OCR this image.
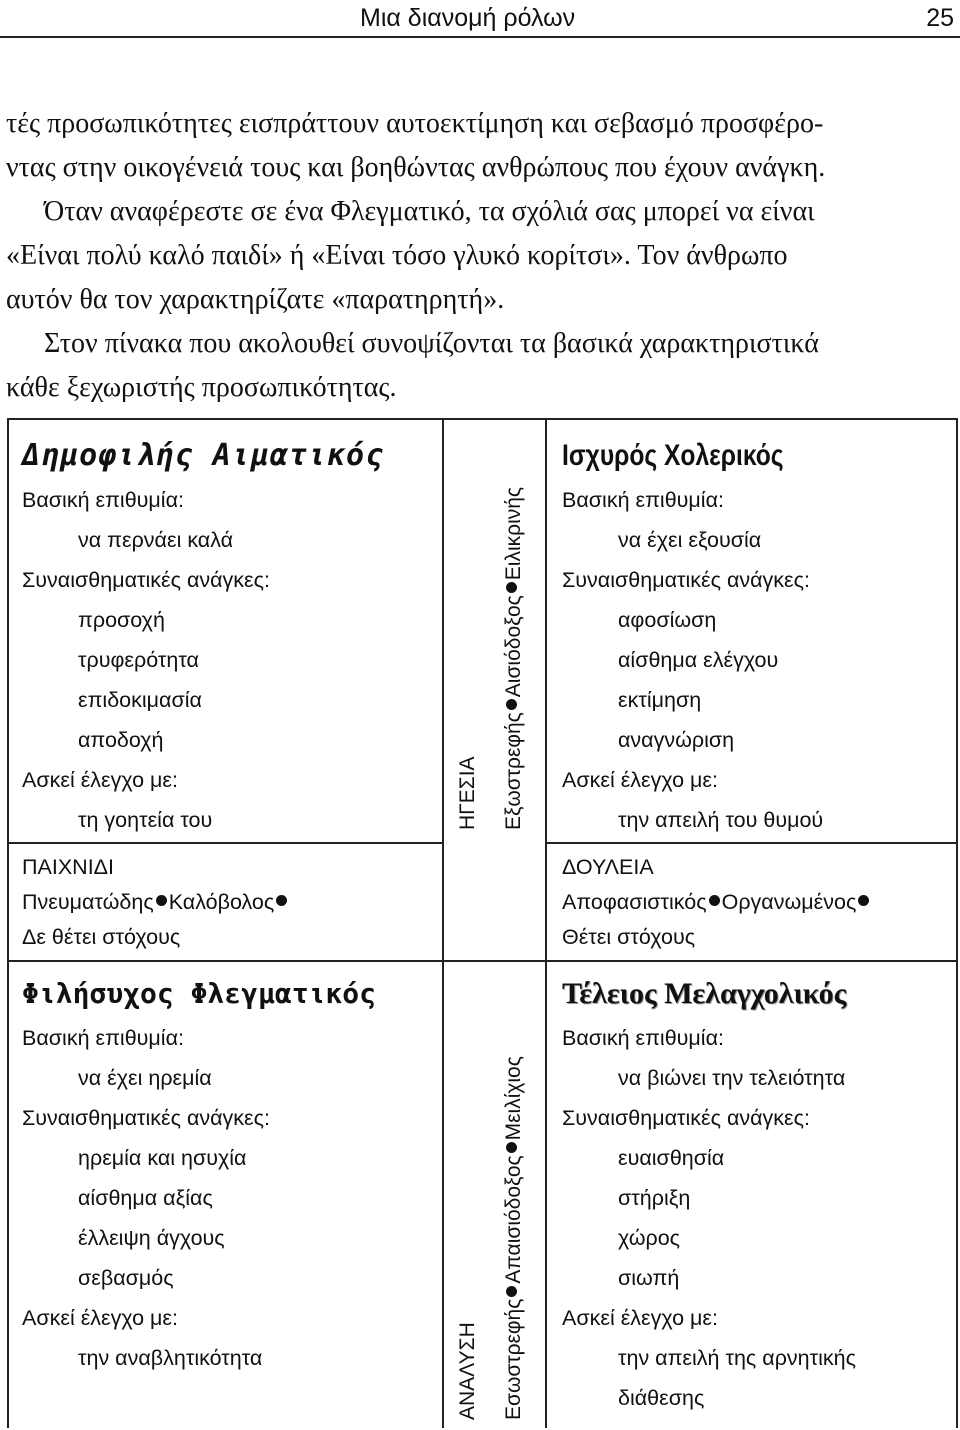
Μια διανομή ρόλων	25

τές προσωπικότητες εισπράττουν αυτοεκτίμηση και σεβασμό προσφέρο-

ντας στην οικογένειά τους και βοηθώντας ανθρώπους που έχουν ανάγκη.

Όταν αναφέρεστε σε ένα Φλεγματικό, τα σχόλιά σας μπορεί να είναι

«Είναι πολύ καλό παιδί» ή «Είναι τόσο γλυκό κορίτσι». Τον άνθρωπο

αυτόν θα τον χαρακτηρίζατε «παρατηρητή».

Στον πίνακα που ακολουθεί συνοψίζονται τα βασικά χαρακτηριστικά

κάθε ξεχωριστής προσωπικότητας.

Δημοφιλής Αιματικός
Βασική επιθυμία:
να περνάει καλά
Συναισθηματικές ανάγκες:
προσοχή
τρυφερότητα
επιδοκιμασία
αποδοχή
Ασκεί έλεγχο με:
τη γοητεία του
Ισχυρός Χολερικός
Βασική επιθυμία:
να έχει εξουσία
Συναισθηματικές ανάγκες:
αφοσίωση
αίσθημα ελέγχου
εκτίμηση
αναγνώριση
Ασκεί έλεγχο με:
την απειλή του θυμού
ΠΑΙΧΝΙΔΙ
Πνευματώδης Καλόβολος
Δε θέτει στόχους
ΔΟΥΛΕΙΑ
Αποφασιστικός Οργανωμένος
Θέτει στόχους
Φιλήσυχος Φλεγματικός
Βασική επιθυμία:
να έχει ηρεμία
Συναισθηματικές ανάγκες:
ηρεμία και ησυχία
αίσθημα αξίας
έλλειψη άγχους
σεβασμός
Ασκεί έλεγχο με:
την αναβλητικότητα
Τέλειος Μελαγχολικός
Βασική επιθυμία:
να βιώνει την τελειότητα
Συναισθηματικές ανάγκες:
ευαισθησία
στήριξη
χώρος
σιωπή
Ασκεί έλεγχο με:
την απειλή της αρνητικής
διάθεσης
ΗΓΕΣΙΑ ΕξωστρεφήςΑισιόδοξοςΕιλικρινής
ΑΝΑΛΥΣΗ ΕσωστρεφήςΑπαισιόδοξοςΜειλίχιος
